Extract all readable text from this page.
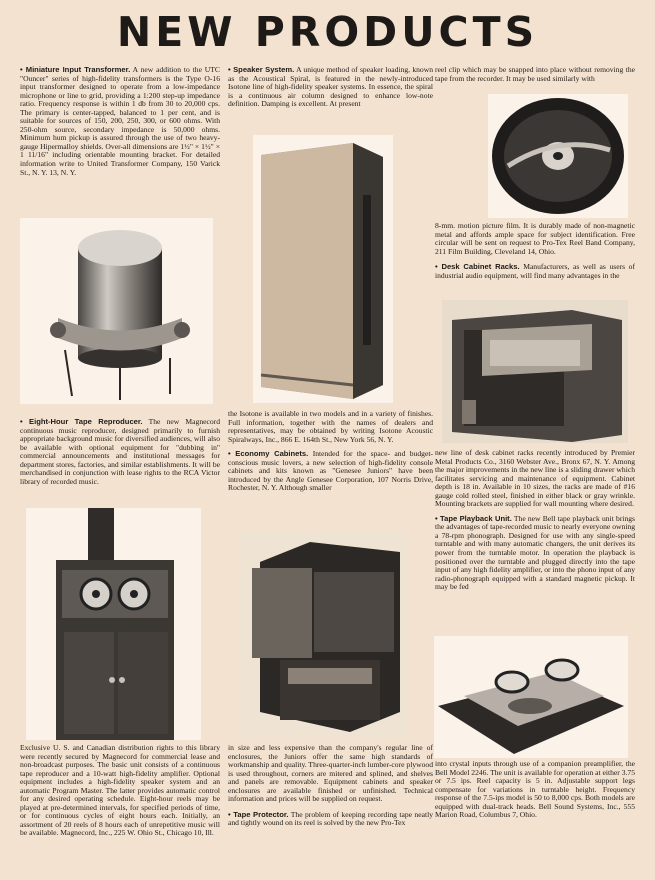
NEW PRODUCTS

• Miniature Input Transformer. A new addition to the UTC "Ouncer" series of high-fidelity transformers is the Type O-16 input transformer designed to operate from a low-impedance microphone or line to grid, providing a 1:200 step-up impedance ratio. Frequency response is within 1 db from 30 to 20,000 cps. The primary is center-tapped, balanced to 1 per cent, and is suitable for sources of 150, 200, 250, 300, or 600 ohms. With 250-ohm source, secondary impedance is 50,000 ohms. Minimum hum pickup is assured through the use of two heavy-gauge Hipermalloy shields. Over-all dimensions are 1½" × 1½" × 1 11/16" including orientable mounting bracket. For detailed information write to United Transformer Company, 150 Varick St., N. Y. 13, N. Y.

• Eight-Hour Tape Reproducer. The new Magnecord continuous music reproducer, designed primarily to furnish appropriate background music for diversified audiences, will also be available with optional equipment for "dubbing in" commercial announcements and institutional messages for department stores, factories, and similar establishments. It will be merchandised in conjunction with lease rights to the RCA Victor library of recorded music.

Exclusive U. S. and Canadian distribution rights to this library were recently secured by Magnecord for commercial lease and non-broadcast purposes. The basic unit consists of a continuous tape reproducer and a 10-watt high-fidelity amplifier. Optional equipment includes a high-fidelity speaker system and an automatic Program Master. The latter provides automatic control for any desired operating schedule. Eight-hour reels may be played at pre-determined intervals, for specified periods of time, or for continuous cycles of eight hours each. Initially, an assortment of 20 reels of 8 hours each of unrepetitive music will be available. Magnecord, Inc., 225 W. Ohio St., Chicago 10, Ill.

• Speaker System. A unique method of speaker loading, known as the Acoustical Spiral, is featured in the newly-introduced Isotone line of high-fidelity speaker systems. In essence, the spiral is a continuous air column designed to enhance low-note definition. Damping is excellent. At present

the Isotone is available in two models and in a variety of finishes. Full information, together with the names of dealers and representatives, may be obtained by writing Isotone Acoustic Spiralways, Inc., 866 E. 164th St., New York 56, N. Y.

• Economy Cabinets. Intended for the space- and budget-conscious music lovers, a new selection of high-fidelity console cabinets and kits known as "Genesee Juniors" have been introduced by the Angle Genesee Corporation, 107 Norris Drive, Rochester, N. Y. Although smaller

in size and less expensive than the company's regular line of enclosures, the Juniors offer the same high standards of workmanship and quality. Three-quarter-inch lumber-core plywood is used throughout, corners are mitered and splined, and shelves and panels are removable. Equipment cabinets and speaker enclosures are available finished or unfinished. Technical information and prices will be supplied on request.

• Tape Protector. The problem of keeping recording tape neatly and tightly wound on its reel is solved by the new Pro-Tex

reel clip which may be snapped into place without removing the tape from the recorder. It may be used similarly with

8-mm. motion picture film. It is durably made of non-magnetic metal and affords ample space for subject identification. Free circular will be sent on request to Pro-Tex Reel Band Company, 211 Film Building, Cleveland 14, Ohio.

• Desk Cabinet Racks. Manufacturers, as well as users of industrial audio equipment, will find many advantages in the

new line of desk cabinet racks recently introduced by Premier Metal Products Co., 3160 Webster Ave., Bronx 67, N. Y. Among the major improvements in the new line is a sliding drawer which facilitates servicing and maintenance of equipment. Cabinet depth is 18 in. Available in 10 sizes, the racks are made of #16 gauge cold rolled steel, finished in either black or gray wrinkle. Mounting brackets are supplied for wall mounting where desired.

• Tape Playback Unit. The new Bell tape playback unit brings the advantages of tape-recorded music to nearly everyone owning a 78-rpm phonograph. Designed for use with any single-speed turntable and with many automatic changers, the unit derives its power from the turntable motor. In operation the playback is positioned over the turntable and plugged directly into the tape input of any high fidelity amplifier, or into the phono input of any radio-phonograph equipped with a standard magnetic pickup. It may be fed

into crystal inputs through use of a companion preamplifier, the Bell Model 2246. The unit is available for operation at either 3.75 or 7.5 ips. Reel capacity is 5 in. Adjustable support legs compensate for variations in turntable height. Frequency response of the 7.5-ips model is 50 to 8,000 cps. Both models are equipped with dual-track heads. Bell Sound Systems, Inc., 555 Marion Road, Columbus 7, Ohio.
